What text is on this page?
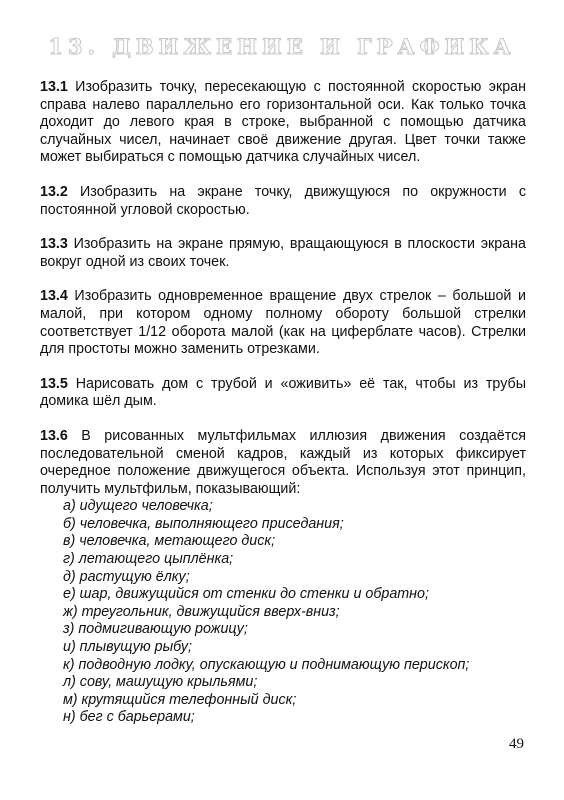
13. ДВИЖЕНИЕ И ГРАФИКА

13.1 Изобразить точку, пересекающую с постоянной скоростью экран справа налево параллельно его горизонтальной оси. Как только точка доходит до левого края в строке, выбранной с помощью датчика случайных чисел, начинает своё движение другая. Цвет точки также может выбираться с помощью датчика случайных чисел.

13.2 Изобразить на экране точку, движущуюся по окружности с постоянной угловой скоростью.

13.3 Изобразить на экране прямую, вращающуюся в плоскости экрана вокруг одной из своих точек.

13.4 Изобразить одновременное вращение двух стрелок – большой и малой, при котором одному полному обороту большой стрелки соответствует 1/12 оборота малой (как на циферблате часов). Стрелки для простоты можно заменить отрезками.

13.5 Нарисовать дом с трубой и «оживить» её так, чтобы из трубы домика шёл дым.

13.6 В рисованных мультфильмах иллюзия движения создаётся последовательной сменой кадров, каждый из которых фиксирует очередное положение движущегося объекта. Используя этот принцип, получить мультфильм, показывающий:
а) идущего человечка;
б) человечка, выполняющего приседания;
в) человечка, метающего диск;
г) летающего цыплёнка;
д) растущую ёлку;
е) шар, движущийся от стенки до стенки и обратно;
ж) треугольник, движущийся вверх-вниз;
з) подмигивающую рожицу;
и) плывущую рыбу;
к) подводную лодку, опускающую и поднимающую перископ;
л) сову, машущую крыльями;
м) крутящийся телефонный диск;
н) бег с барьерами;
49
